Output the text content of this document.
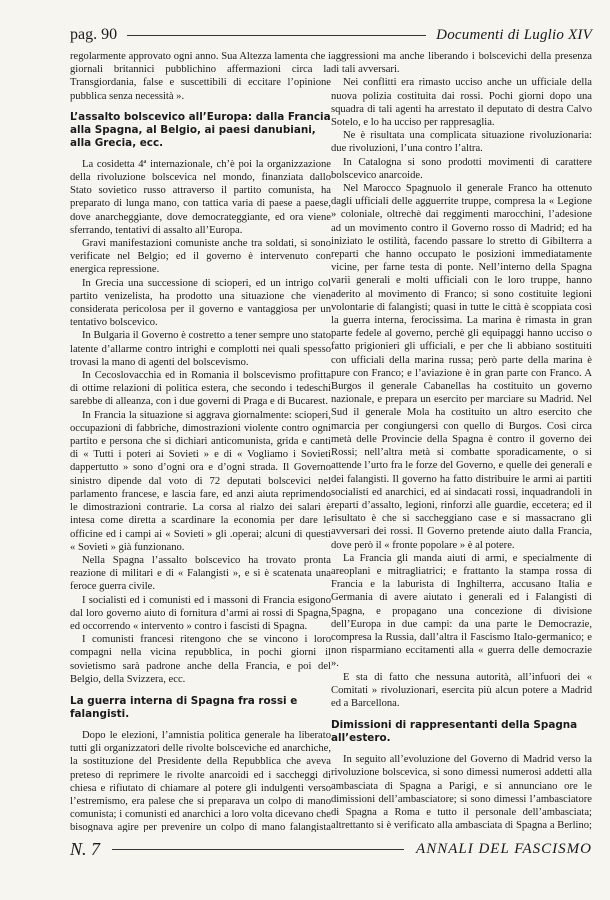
pag. 90	Documenti di Luglio XIV

regolarmente approvato ogni anno. Sua Altezza lamenta che i giornali britannici pubblichino affermazioni circa la Transgiordania, false e suscettibili di eccitare l’opinione pubblica senza necessità ».

L’assalto bolscevico all’Europa: dalla Francia alla Spagna, al Belgio, ai paesi danubiani, alla Grecia, ecc.

La cosidetta 4ª internazionale, ch’è poi la organizzazione della rivoluzione bolscevica nel mondo, finanziata dallo Stato sovietico russo attraverso il partito comunista, ha preparato di lunga mano, con tattica varia di paese a paese, dove anarcheggiante, dove democrateggiante, ed ora viene sferrando, tentativi di assalto all’Europa.

Gravi manifestazioni comuniste anche tra soldati, si sono verificate nel Belgio; ed il governo è intervenuto con energica repressione.

In Grecia una successione di scioperi, ed un intrigo col partito venizelista, ha prodotto una situazione che vien considerata pericolosa per il governo e vantaggiosa per un tentativo bolscevico.

In Bulgaria il Governo è costretto a tener sempre uno stato latente d’allarme contro intrighi e complotti nei quali spesso trovasi la mano di agenti del bolscevismo.

In Cecoslovacchia ed in Romania il bolscevismo profitta di ottime relazioni di politica estera, che secondo i tedeschi sarebbe di alleanza, con i due governi di Praga e di Bucarest.

In Francia la situazione si aggrava giornalmente: scioperi, occupazioni di fabbriche, dimostrazioni violente contro ogni partito e persona che si dichiari anticomunista, grida e canti di « Tutti i poteri ai Sovieti » e di « Vogliamo i Sovieti dappertutto » sono d’ogni ora e d’ogni strada. Il Governo sinistro dipende dal voto di 72 deputati bolscevici nel parlamento francese, e lascia fare, ed anzi aiuta reprimendo le dimostrazioni contrarie. La corsa al rialzo dei salari è intesa come diretta a scardinare la economia per dare le officine ed i campi ai « Sovieti » gli .operai; alcuni di questi « Sovieti » già funzionano.

Nella Spagna l’assalto bolscevico ha trovato pronta reazione di militari e di « Falangisti », e si è scatenata una feroce guerra civile.

I socialisti ed i comunisti ed i massoni di Francia esigono dal loro governo aiuto di fornitura d’armi ai rossi di Spagna, ed occorrendo « intervento » contro i fascisti di Spagna.

I comunisti francesi ritengono che se vincono i loro compagni nella vicina repubblica, in pochi giorni il sovietismo sarà padrone anche della Francia, e poi del Belgio, della Svizzera, ecc.

La guerra interna di Spagna fra rossi e falangisti.

Dopo le elezioni, l’amnistia politica generale ha liberato tutti gli organizzatori delle rivolte bolsceviche ed anarchiche, la sostituzione del Presidente della Repubblica che aveva preteso di reprimere le rivolte anarcoidi ed i saccheggi di chiesa e rifiutato di chiamare al potere gli indulgenti verso l’estremismo, era palese che si preparava un colpo di mano comunista; i comunisti ed anarchici a loro volta dicevano che bisognava agire per prevenire un colpo di mano falangista

aggressioni ma anche liberando i bolscevichi della presenza di tali avversari.

Nei conflitti era rimasto ucciso anche un ufficiale della nuova polizia costituita dai rossi. Pochi giorni dopo una squadra di tali agenti ha arrestato il deputato di destra Calvo Sotelo, e lo ha ucciso per rappresaglia.

Ne è risultata una complicata situazione rivoluzionaria: due rivoluzioni, l’una contro l’altra.

In Catalogna si sono prodotti movimenti di carattere bolscevico anarcoide.

Nel Marocco Spagnuolo il generale Franco ha ottenuto dagli ufficiali delle agguerrite truppe, compresa la « Legione » coloniale, oltrechè dai reggimenti marocchini, l’adesione ad un movimento contro il Governo rosso di Madrid; ed ha iniziato le ostilità, facendo passare lo stretto di Gibilterra a reparti che hanno occupato le posizioni immediatamente vicine, per farne testa di ponte. Nell’interno della Spagna varii generali e molti ufficiali con le loro truppe, hanno aderito al movimento di Franco; si sono costituite legioni volontarie di falangisti; quasi in tutte le città è scoppiata così la guerra interna, ferocissima. La marina è rimasta in gran parte fedele al governo, perchè gli equipaggi hanno ucciso o fatto prigionieri gli ufficiali, e per che li abbiano sostituiti con ufficiali della marina russa; però parte della marina è pure con Franco; e l’aviazione è in gran parte con Franco. A Burgos il generale Cabanellas ha costituito un governo nazionale, e prepara un esercito per marciare su Madrid. Nel Sud il generale Mola ha costituito un altro esercito che marcia per congiungersi con quello di Burgos. Così circa metà delle Provincie della Spagna è contro il governo dei Rossi; nell’altra metà si combatte sporadicamente, o si attende l’urto fra le forze del Governo, e quelle dei generali e dei falangisti. Il governo ha fatto distribuire le armi ai partiti socialisti ed anarchici, ed ai sindacati rossi, inquadrandoli in reparti d’assalto, legioni, rinforzi alle guardie, eccetera; ed il risultato è che si saccheggiano case e si massacrano gli avversari dei rossi. Il Governo pretende aiuto dalla Francia, dove però il « fronte popolare » è al potere.

La Francia gli manda aiuti di armi, e specialmente di areoplani e mitragliatrici; e frattanto la stampa rossa di Francia e la laburista di Inghilterra, accusano Italia e Germania di avere aiutato i generali ed i Falangisti di Spagna, e propagano una concezione di divisione dell’Europa in due campi: da una parte le Democrazie, compresa la Russia, dall’altra il Fascismo Italo-germanico; e non risparmiano eccitamenti alla « guerra delle democrazie ».

E sta di fatto che nessuna autorità, all’infuori dei « Comitati » rivoluzionari, esercita più alcun potere a Madrid ed a Barcellona.

Dimissioni di rappresentanti della Spagna all’estero.

In seguito all’evoluzione del Governo di Madrid verso la rivoluzione bolscevica, si sono dimessi numerosi addetti alla ambasciata di Spagna a Parigi, e si annunciano ore le dimissioni dell’ambasciatore; si sono dimessi l’ambasciatore di Spagna a Roma e tutto il personale dell’ambasciata; altrettanto si è verificato alla ambasciata di Spagna a Berlino;

N. 7	ANNALI DEL FASCISMO
